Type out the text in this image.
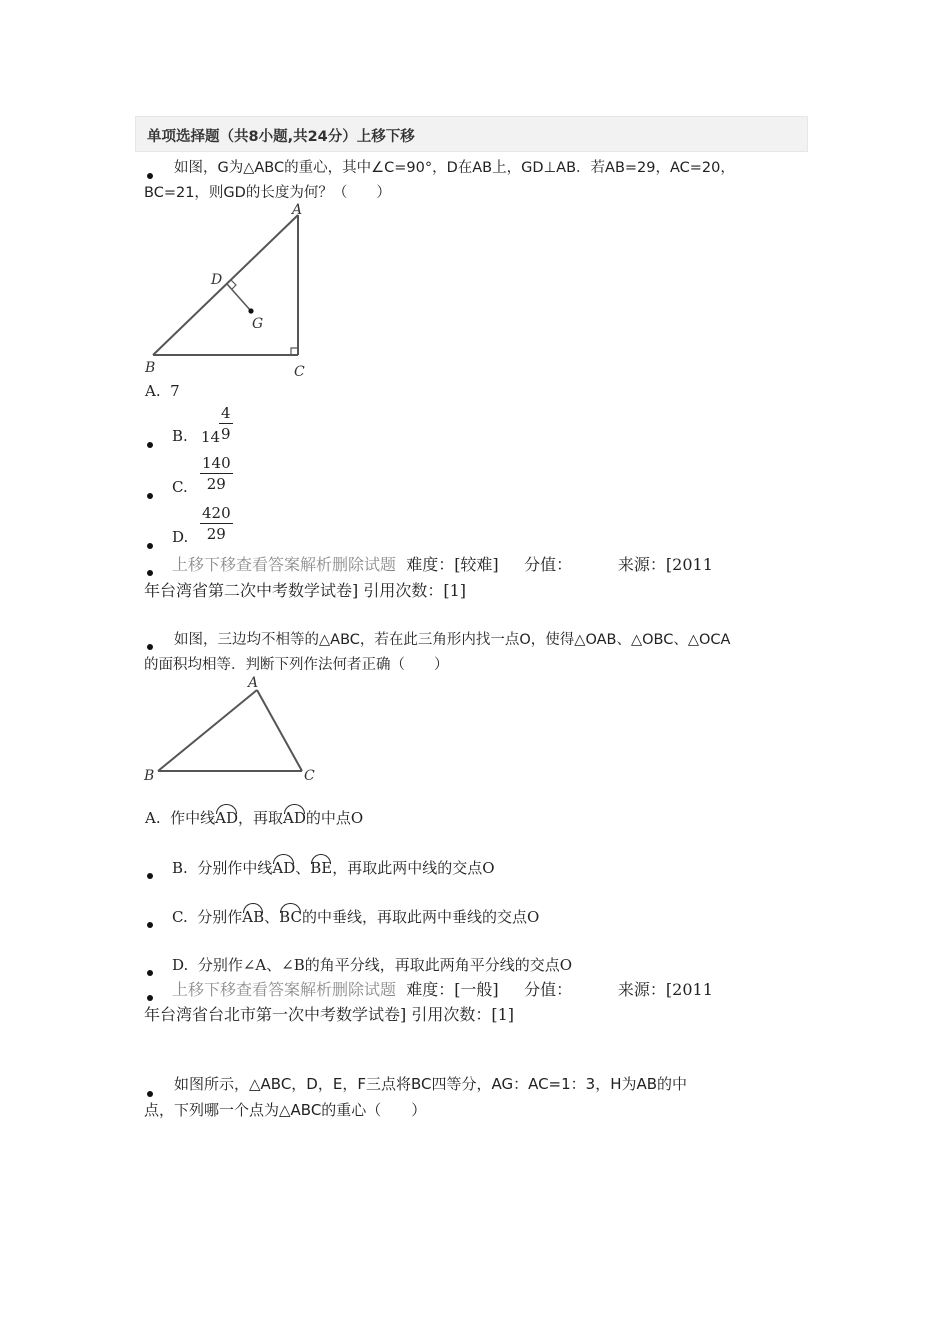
单项选择题（共8小题,共24分）上移下移
如图，G为△ABC的重心，其中∠C=90°，D在AB上，GD⊥AB．若AB=29，AC=20，
BC=21，则GD的长度为何？（　　）
A
B	C
D
G
A. 7
B. 14
$\frac{4}{9}$
C. $\frac{140}{29}$
D. $\frac{420}{29}$
上移下移查看答案解析删除试题 难度：[较难] 分值：	来源：[2011
年台湾省第二次中考数学试卷] 引用次数：[1]
如图，三边均不相等的△ABC，若在此三角形内找一点O，使得△OAB、△OBC、△OCA
的面积均相等．判断下列作法何者正确（　　）
A
B	C
A. 作中线AD，再取AD的中点O
B. 分别作中线AD、BE，再取此两中线的交点O
C. 分别作AB、BC的中垂线，再取此两中垂线的交点O
D. 分别作∠A、∠B的角平分线，再取此两角平分线的交点O
上移下移查看答案解析删除试题 难度：[一般] 分值：	来源：[2011
年台湾省台北市第一次中考数学试卷] 引用次数：[1]
如图所示，△ABC，D，E，F三点将BC四等分，AG：AC=1：3，H为AB的中
点，下列哪一个点为△ABC的重心（　　）
